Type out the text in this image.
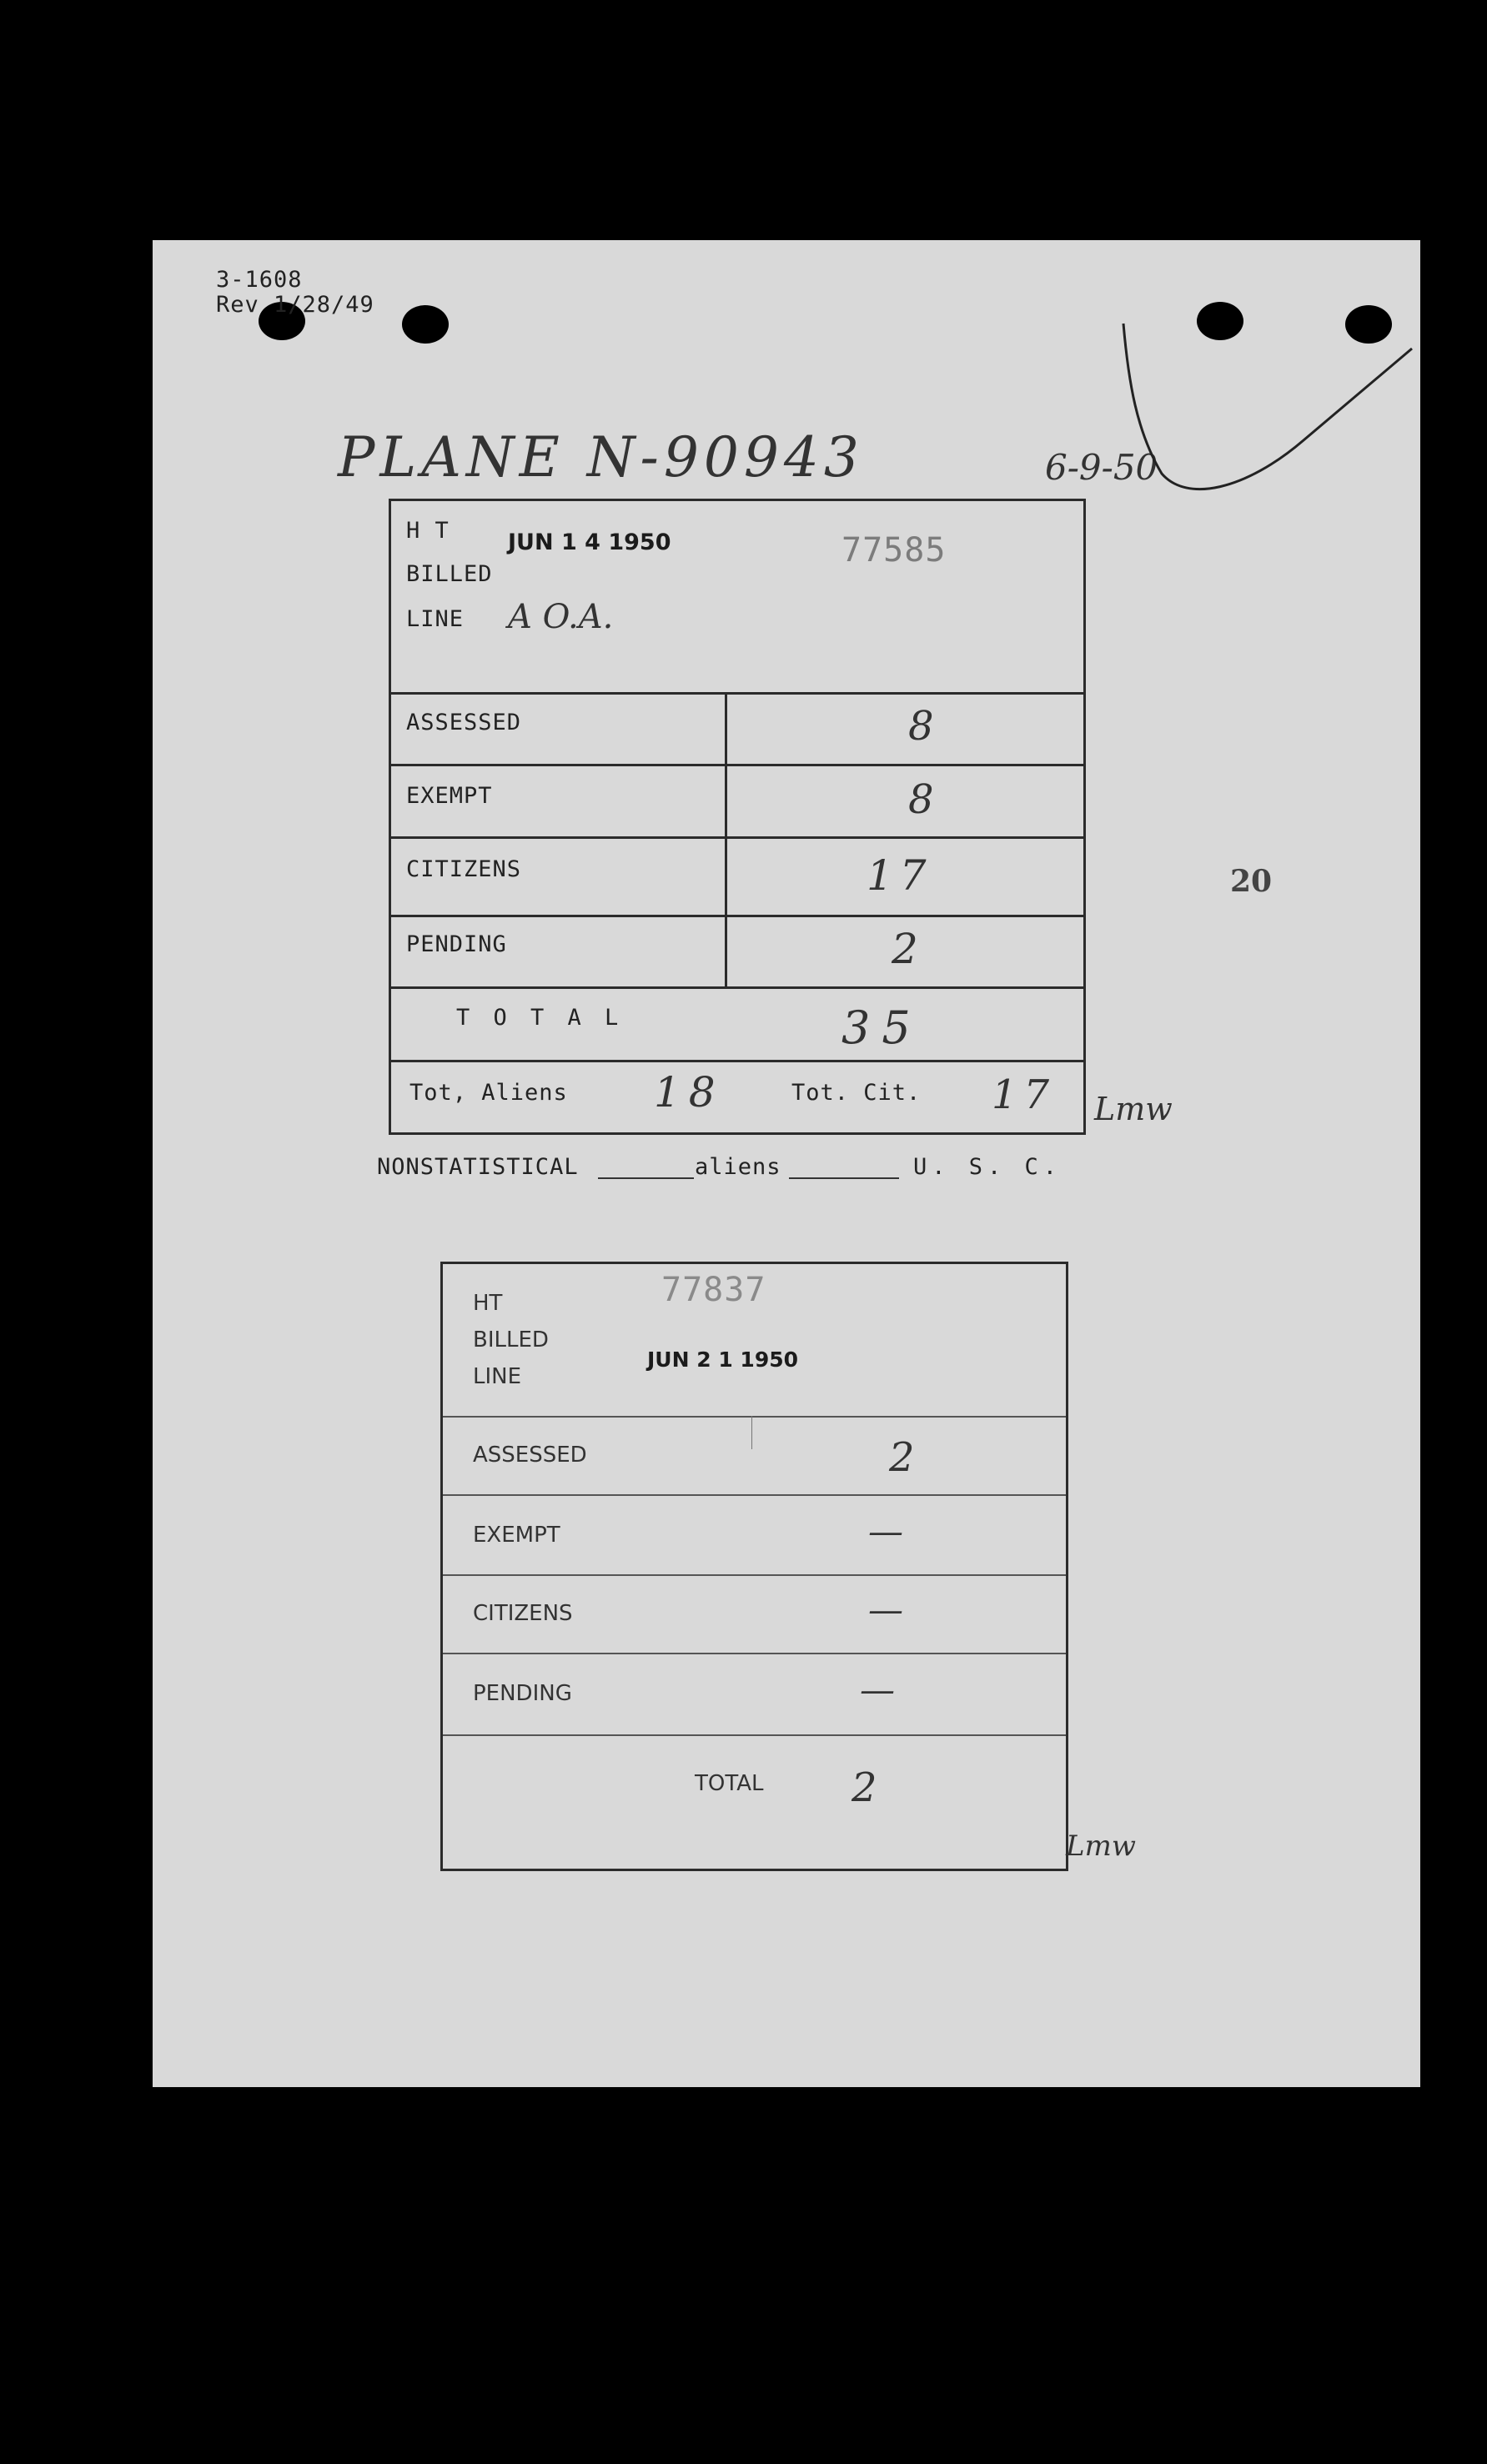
3-1608
Rev 1/28/49
PLANE N-90943	6-9-50
20
H T	JUN 1 4 1950	77585
BILLED
LINE A O.A.
ASSESSED	8
EXEMPT	8
CITIZENS	17
PENDING	2
T O T A L	35
Tot, Aliens 18	Tot. Cit. 17 Lmw
NONSTATISTICAL	aliens	U. S. C.
HT	77837
BILLED
JUN 2 1 1950
LINE
ASSESSED	2
EXEMPT	—
CITIZENS	—
PENDING	—
TOTAL 2
Lmw
